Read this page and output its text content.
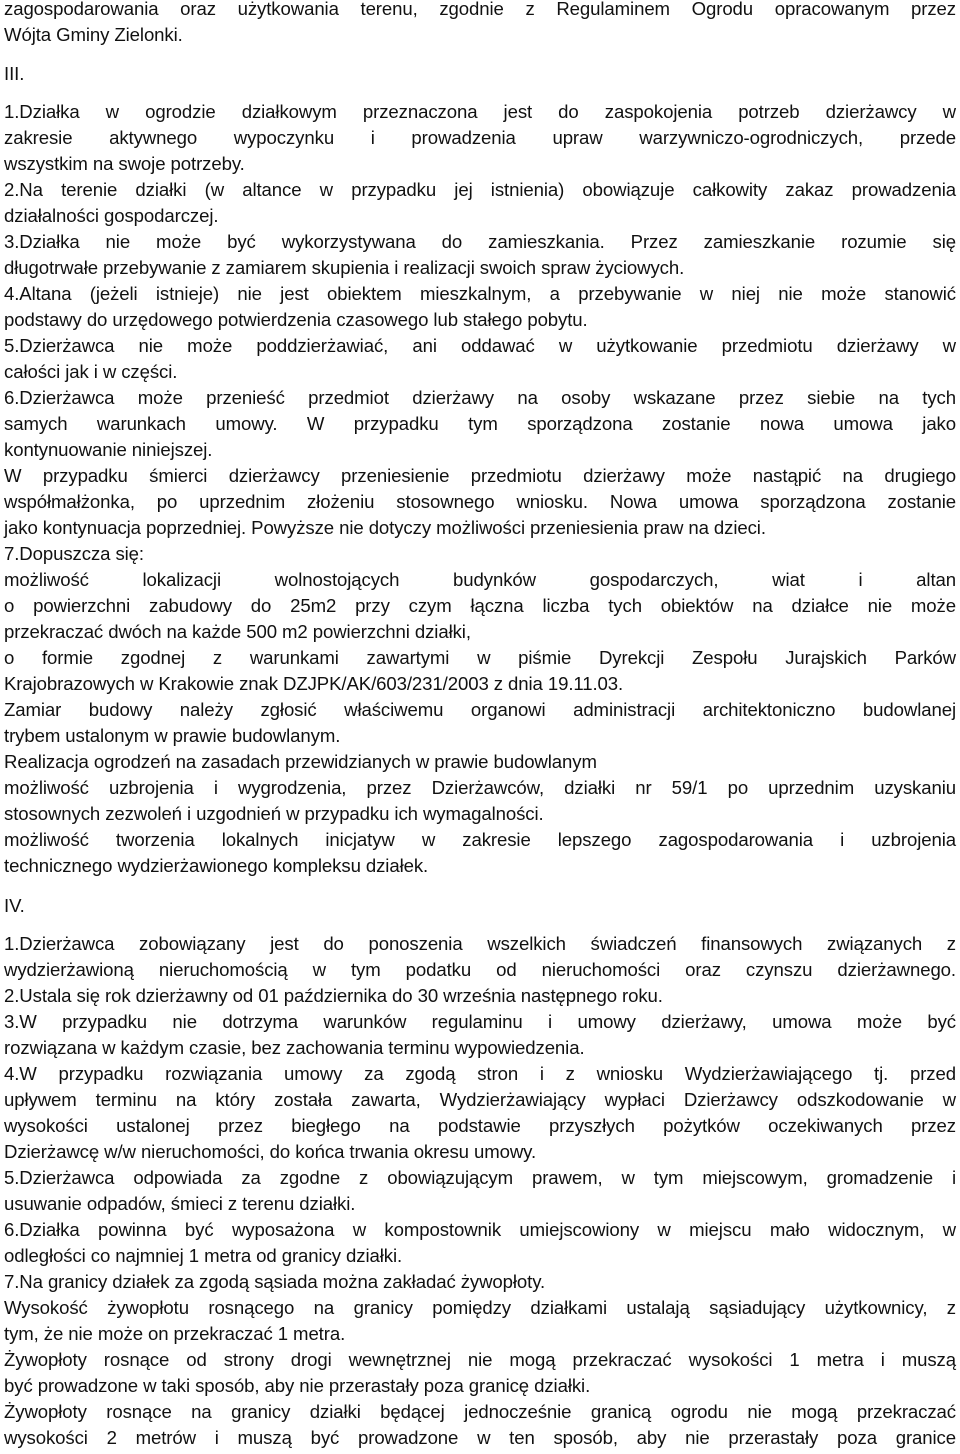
zagospodarowania oraz użytkowania terenu, zgodnie z Regulaminem Ogrodu opracowanym przez
Wójta Gminy Zielonki.
III.
1.Działka w ogrodzie działkowym przeznaczona jest do zaspokojenia potrzeb dzierżawcy w
zakresie aktywnego wypoczynku i prowadzenia upraw warzywniczo-ogrodniczych, przede
wszystkim na swoje potrzeby.
2.Na terenie działki (w altance w przypadku jej istnienia) obowiązuje całkowity zakaz prowadzenia
działalności gospodarczej.
3.Działka nie może być wykorzystywana do zamieszkania. Przez zamieszkanie rozumie się
długotrwałe przebywanie z zamiarem skupienia i realizacji swoich spraw życiowych.
4.Altana (jeżeli istnieje) nie jest obiektem mieszkalnym, a przebywanie w niej nie może stanowić
podstawy do urzędowego potwierdzenia czasowego lub stałego pobytu.
5.Dzierżawca nie może poddzierżawiać, ani oddawać w użytkowanie przedmiotu dzierżawy w
całości jak i w części.
6.Dzierżawca może przenieść przedmiot dzierżawy na osoby wskazane przez siebie na tych
samych warunkach umowy. W przypadku tym sporządzona zostanie nowa umowa jako
kontynuowanie niniejszej.
W przypadku śmierci dzierżawcy przeniesienie przedmiotu dzierżawy może nastąpić na drugiego
współmałżonka, po uprzednim złożeniu stosownego wniosku. Nowa umowa sporządzona zostanie
jako kontynuacja poprzedniej. Powyższe nie dotyczy możliwości przeniesienia praw na dzieci.
7.Dopuszcza się:
możliwość lokalizacji wolnostojących budynków gospodarczych, wiat i altan
o powierzchni zabudowy do 25m2 przy czym łączna liczba tych obiektów na działce nie może
przekraczać dwóch na każde 500 m2 powierzchni działki,
o formie zgodnej z warunkami zawartymi w piśmie Dyrekcji Zespołu Jurajskich Parków
Krajobrazowych w Krakowie znak DZJPK/AK/603/231/2003 z dnia 19.11.03.
Zamiar budowy należy zgłosić właściwemu organowi administracji architektoniczno budowlanej
trybem ustalonym w prawie budowlanym.
Realizacja ogrodzeń na zasadach przewidzianych w prawie budowlanym
możliwość uzbrojenia i wygrodzenia, przez Dzierżawców, działki nr 59/1 po uprzednim uzyskaniu
stosownych zezwoleń i uzgodnień w przypadku ich wymagalności.
możliwość tworzenia lokalnych inicjatyw w zakresie lepszego zagospodarowania i uzbrojenia
technicznego wydzierżawionego kompleksu działek.
IV.
1.Dzierżawca zobowiązany jest do ponoszenia wszelkich świadczeń finansowych związanych z
wydzierżawioną nieruchomością w tym podatku od nieruchomości oraz czynszu dzierżawnego.
2.Ustala się rok dzierżawny od 01 października do 30 września następnego roku.
3.W przypadku nie dotrzyma warunków regulaminu i umowy dzierżawy, umowa może być
rozwiązana w każdym czasie, bez zachowania terminu wypowiedzenia.
4.W przypadku rozwiązania umowy za zgodą stron i z wniosku Wydzierżawiającego tj. przed
upływem terminu na który została zawarta, Wydzierżawiający wypłaci Dzierżawcy odszkodowanie w
wysokości ustalonej przez biegłego na podstawie przyszłych pożytków oczekiwanych przez
Dzierżawcę w/w nieruchomości, do końca trwania okresu umowy.
5.Dzierżawca odpowiada za zgodne z obowiązującym prawem, w tym miejscowym, gromadzenie i
usuwanie odpadów, śmieci z terenu działki.
6.Działka powinna być wyposażona w kompostownik umiejscowiony w miejscu mało widocznym, w
odległości co najmniej 1 metra od granicy działki.
7.Na granicy działek za zgodą sąsiada można zakładać żywopłoty.
Wysokość żywopłotu rosnącego na granicy pomiędzy działkami ustalają sąsiadujący użytkownicy, z
tym, że nie może on przekraczać 1 metra.
Żywopłoty rosnące od strony drogi wewnętrznej nie mogą przekraczać wysokości 1 metra i muszą
być prowadzone w taki sposób, aby nie przerastały poza granicę działki.
Żywopłoty rosnące na granicy działki będącej jednocześnie granicą ogrodu nie mogą przekraczać
wysokości 2 metrów i muszą być prowadzone w ten sposób, aby nie przerastały poza granice
